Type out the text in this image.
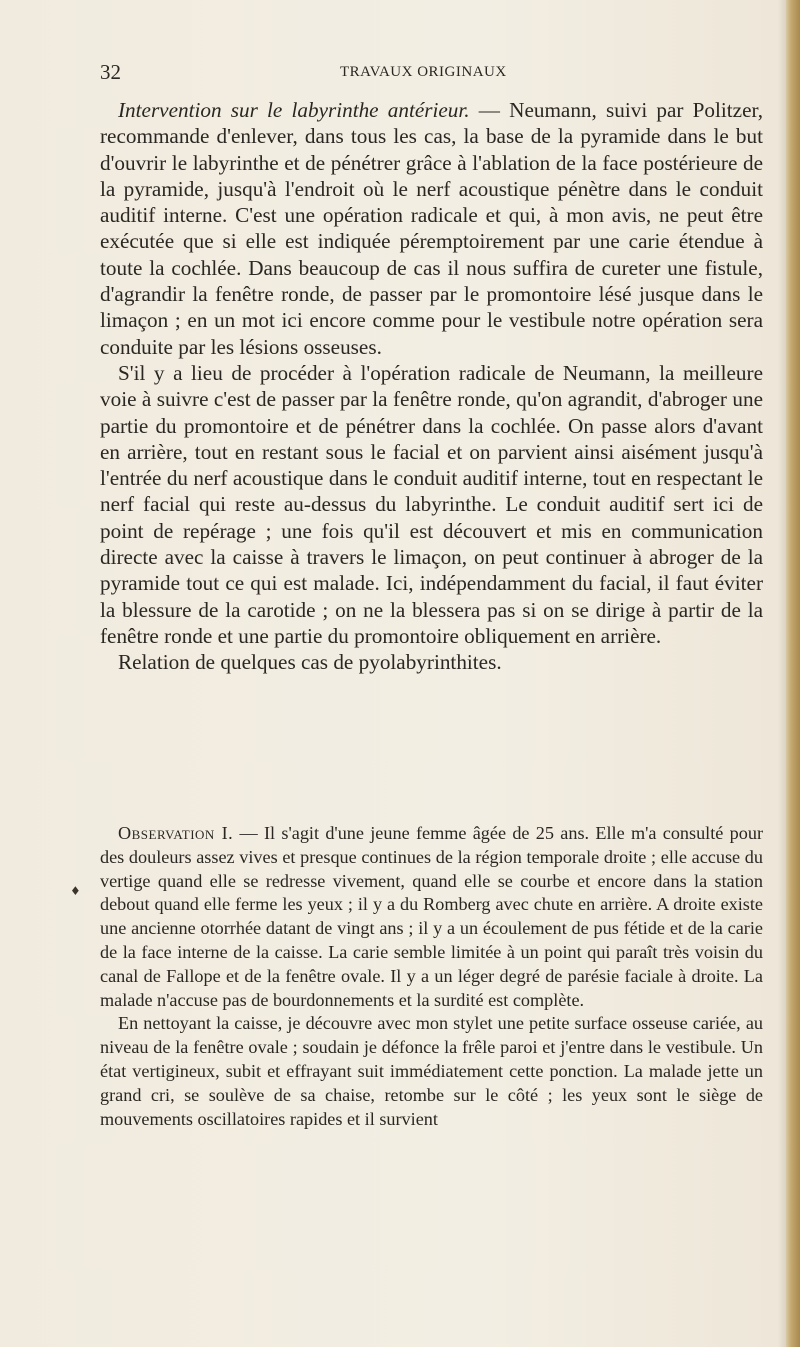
32	TRAVAUX ORIGINAUX

Intervention sur le labyrinthe antérieur. — Neumann, suivi par Politzer, recommande d'enlever, dans tous les cas, la base de la pyramide dans le but d'ouvrir le labyrinthe et de pénétrer grâce à l'ablation de la face postérieure de la pyramide, jusqu'à l'endroit où le nerf acoustique pénètre dans le conduit auditif interne. C'est une opération radicale et qui, à mon avis, ne peut être exécutée que si elle est indiquée péremptoirement par une carie étendue à toute la cochlée. Dans beaucoup de cas il nous suffira de cureter une fistule, d'agrandir la fenêtre ronde, de passer par le promontoire lésé jusque dans le limaçon ; en un mot ici encore comme pour le vestibule notre opération sera conduite par les lésions osseuses.

S'il y a lieu de procéder à l'opération radicale de Neumann, la meilleure voie à suivre c'est de passer par la fenêtre ronde, qu'on agrandit, d'abroger une partie du promontoire et de pénétrer dans la cochlée. On passe alors d'avant en arrière, tout en restant sous le facial et on parvient ainsi aisément jusqu'à l'entrée du nerf acoustique dans le conduit auditif interne, tout en respectant le nerf facial qui reste au-dessus du labyrinthe. Le conduit auditif sert ici de point de repérage ; une fois qu'il est découvert et mis en communication directe avec la caisse à travers le limaçon, on peut continuer à abroger de la pyramide tout ce qui est malade. Ici, indépendamment du facial, il faut éviter la blessure de la carotide ; on ne la blessera pas si on se dirige à partir de la fenêtre ronde et une partie du promontoire obliquement en arrière.

Relation de quelques cas de pyolabyrinthites.

♦

Observation I. — Il s'agit d'une jeune femme âgée de 25 ans. Elle m'a consulté pour des douleurs assez vives et presque continues de la région temporale droite ; elle accuse du vertige quand elle se redresse vivement, quand elle se courbe et encore dans la station debout quand elle ferme les yeux ; il y a du Romberg avec chute en arrière. A droite existe une ancienne otorrhée datant de vingt ans ; il y a un écoulement de pus fétide et de la carie de la face interne de la caisse. La carie semble limitée à un point qui paraît très voisin du canal de Fallope et de la fenêtre ovale. Il y a un léger degré de parésie faciale à droite. La malade n'accuse pas de bourdonnements et la surdité est complète.

En nettoyant la caisse, je découvre avec mon stylet une petite surface osseuse cariée, au niveau de la fenêtre ovale ; soudain je défonce la frêle paroi et j'entre dans le vestibule. Un état vertigineux, subit et effrayant suit immédiatement cette ponction. La malade jette un grand cri, se soulève de sa chaise, retombe sur le côté ; les yeux sont le siège de mouvements oscillatoires rapides et il survient
